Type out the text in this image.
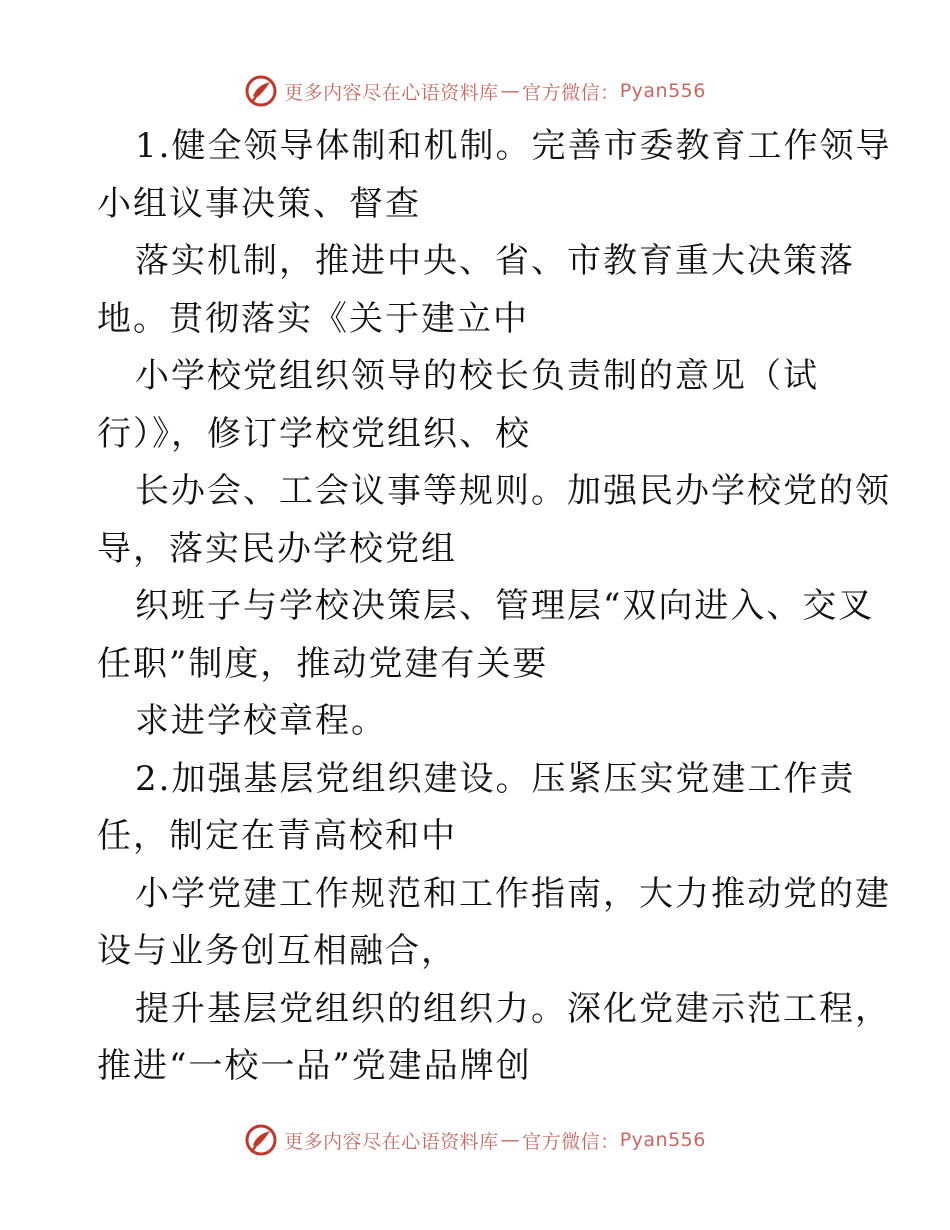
更多内容尽在心语资料库 — 官方微信： Pyan556
1.健全领导体制和机制。完善市委教育工作领导
小组议事决策、督查
落实机制，推进中央、省、市教育重大决策落
地。贯彻落实《关于建立中
小学校党组织领导的校长负责制的意见（试
行）》，修订学校党组织、校
长办会、工会议事等规则。加强民办学校党的领
导，落实民办学校党组
织班子与学校决策层、管理层“双向进入、交叉
任职”制度，推动党建有关要
求进学校章程。
2.加强基层党组织建设。压紧压实党建工作责
任，制定在青高校和中
小学党建工作规范和工作指南，大力推动党的建
设与业务创互相融合，
提升基层党组织的组织力。深化党建示范工程，
推进“一校一品”党建品牌创
更多内容尽在心语资料库 — 官方微信： Pyan556
